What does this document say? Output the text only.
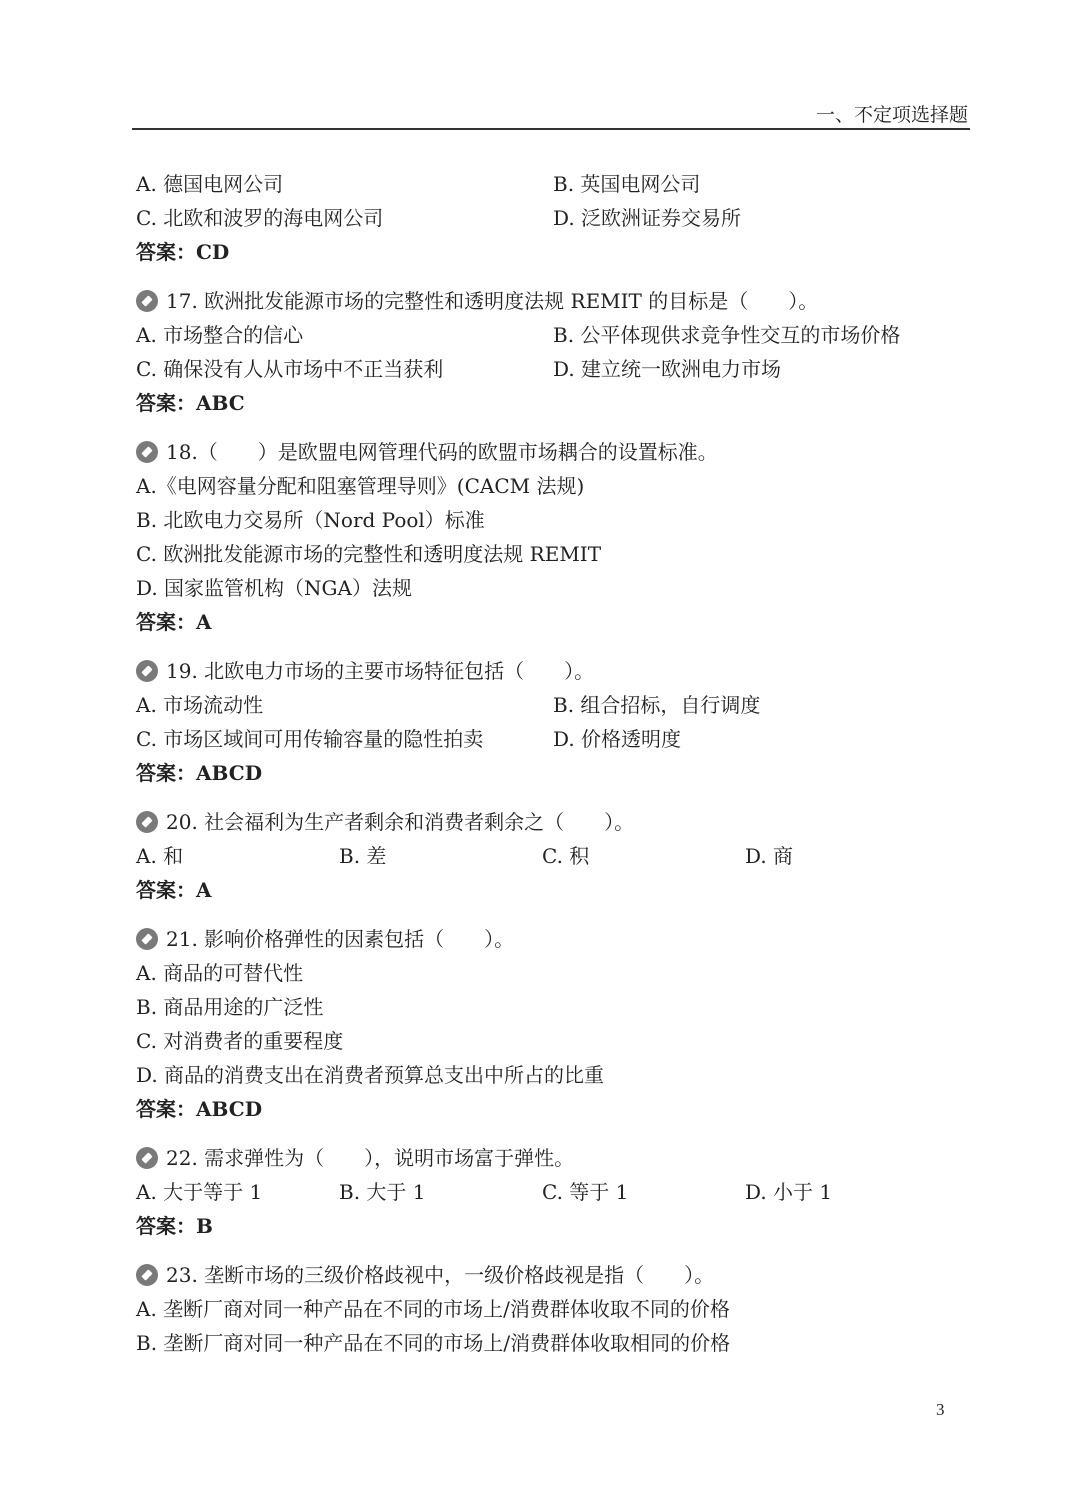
一、不定项选择题
A. 德国电网公司	B. 英国电网公司
C. 北欧和波罗的海电网公司	D. 泛欧洲证券交易所
答案：CD
17. 欧洲批发能源市场的完整性和透明度法规 REMIT 的目标是（　　）。
A. 市场整合的信心	B. 公平体现供求竞争性交互的市场价格
C. 确保没有人从市场中不正当获利	D. 建立统一欧洲电力市场
答案：ABC
18.（　　）是欧盟电网管理代码的欧盟市场耦合的设置标准。
A.《电网容量分配和阻塞管理导则》(CACM 法规)
B. 北欧电力交易所（Nord Pool）标准
C. 欧洲批发能源市场的完整性和透明度法规 REMIT
D. 国家监管机构（NGA）法规
答案：A
19. 北欧电力市场的主要市场特征包括（　　）。
A. 市场流动性	B. 组合招标，自行调度
C. 市场区域间可用传输容量的隐性拍卖	D. 价格透明度
答案：ABCD
20. 社会福利为生产者剩余和消费者剩余之（　　）。
A. 和	B. 差	C. 积	D. 商
答案：A
21. 影响价格弹性的因素包括（　　）。
A. 商品的可替代性
B. 商品用途的广泛性
C. 对消费者的重要程度
D. 商品的消费支出在消费者预算总支出中所占的比重
答案：ABCD
22. 需求弹性为（　　），说明市场富于弹性。
A. 大于等于 1	B. 大于 1	C. 等于 1	D. 小于 1
答案：B
23. 垄断市场的三级价格歧视中，一级价格歧视是指（　　）。
A. 垄断厂商对同一种产品在不同的市场上/消费群体收取不同的价格
B. 垄断厂商对同一种产品在不同的市场上/消费群体收取相同的价格
3
